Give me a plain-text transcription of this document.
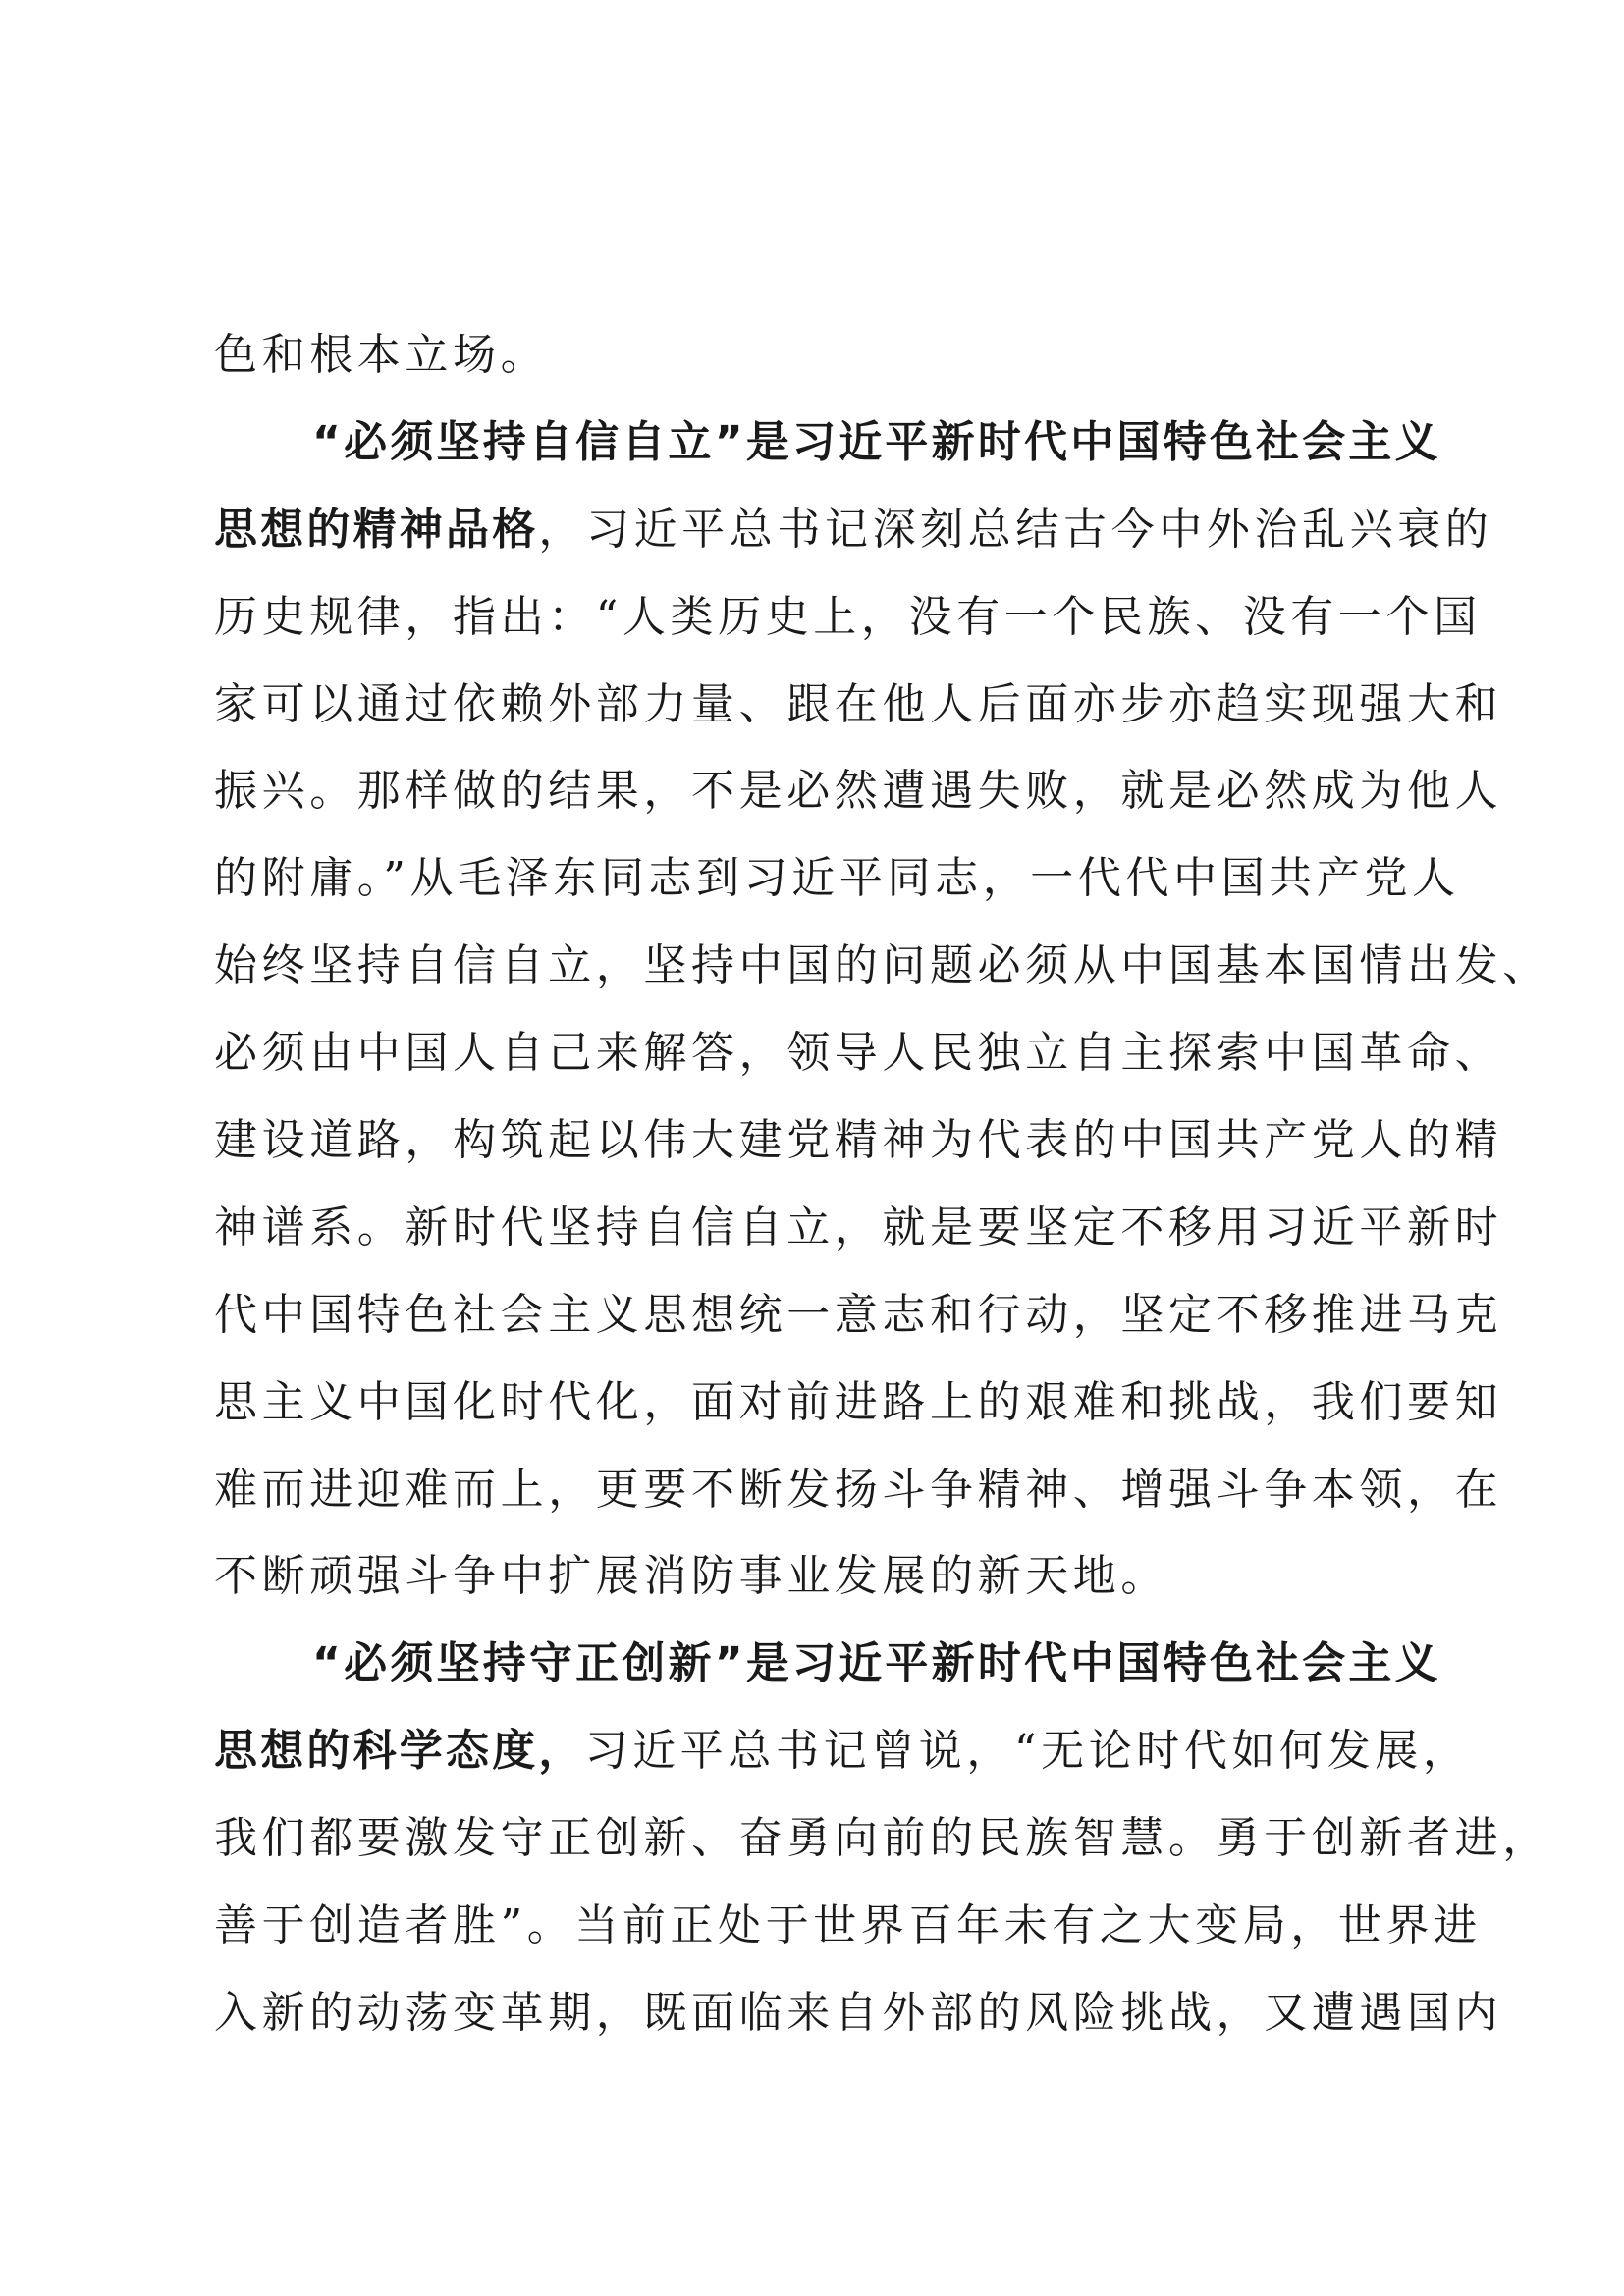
色和根本立场。
“必须坚持自信自立”是习近平新时代中国特色社会主义
思想的精神品格，习近平总书记深刻总结古今中外治乱兴衰的
历史规律，指出：“人类历史上，没有一个民族、没有一个国
家可以通过依赖外部力量、跟在他人后面亦步亦趋实现强大和
振兴。那样做的结果，不是必然遭遇失败，就是必然成为他人
的附庸。”从毛泽东同志到习近平同志，一代代中国共产党人
始终坚持自信自立，坚持中国的问题必须从中国基本国情出发、
必须由中国人自己来解答，领导人民独立自主探索中国革命、
建设道路，构筑起以伟大建党精神为代表的中国共产党人的精
神谱系。新时代坚持自信自立，就是要坚定不移用习近平新时
代中国特色社会主义思想统一意志和行动，坚定不移推进马克
思主义中国化时代化，面对前进路上的艰难和挑战，我们要知
难而进迎难而上，更要不断发扬斗争精神、增强斗争本领，在
不断顽强斗争中扩展消防事业发展的新天地。
“必须坚持守正创新”是习近平新时代中国特色社会主义
思想的科学态度，习近平总书记曾说，“无论时代如何发展，
我们都要激发守正创新、奋勇向前的民族智慧。勇于创新者进，
善于创造者胜”。当前正处于世界百年未有之大变局，世界进
入新的动荡变革期，既面临来自外部的风险挑战，又遭遇国内
